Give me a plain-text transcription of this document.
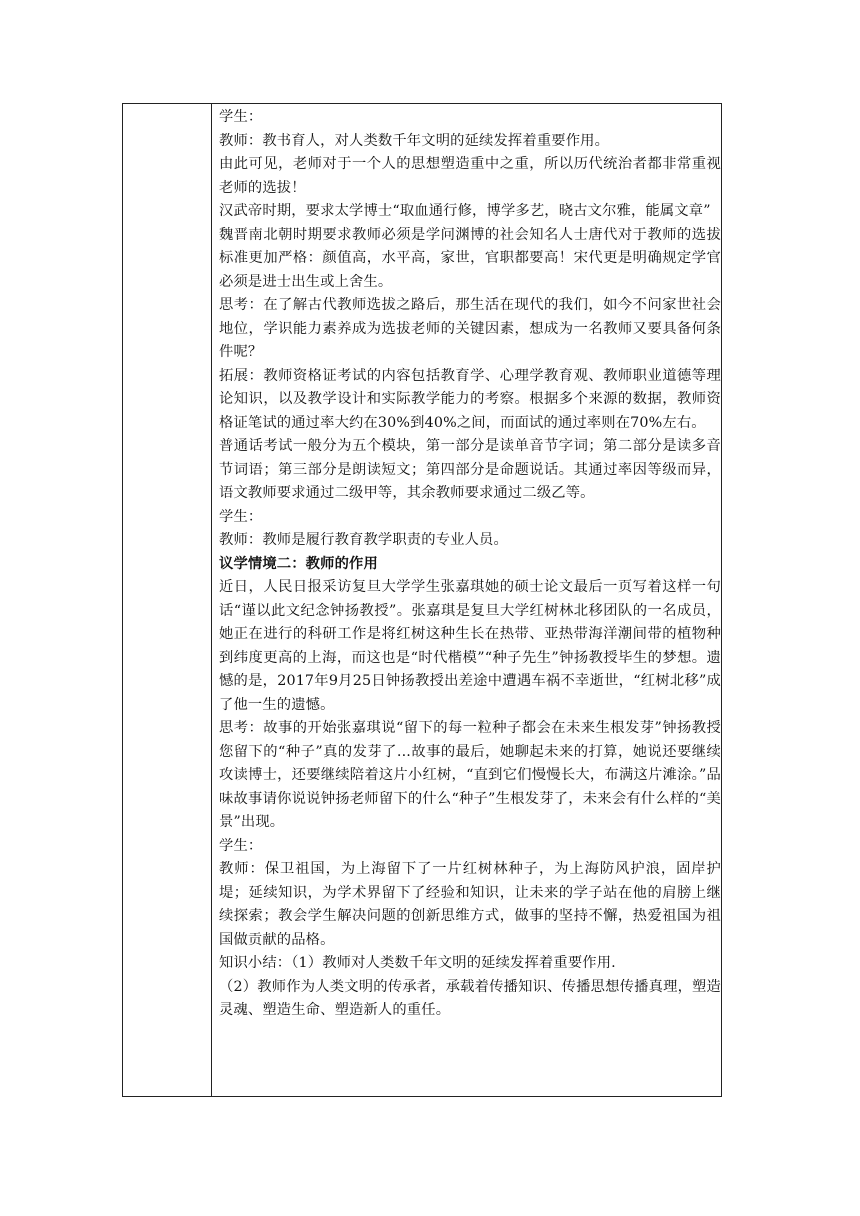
学生：

教师：教书育人，对人类数千年文明的延续发挥着重要作用。

由此可见，老师对于一个人的思想塑造重中之重，所以历代统治者都非常重视老师的选拔！

汉武帝时期，要求太学博士“取血通行修，博学多艺，晓古文尔雅，能属文章”

魏晋南北朝时期要求教师必须是学问渊博的社会知名人士唐代对于教师的选拔标准更加严格：颜值高，水平高，家世，官职都要高！宋代更是明确规定学官必须是进士出生或上舍生。

思考：在了解古代教师选拔之路后，那生活在现代的我们，如今不问家世社会地位，学识能力素养成为选拔老师的关键因素，想成为一名教师又要具备何条件呢？

拓展：教师资格证考试的内容包括教育学、心理学教育观、教师职业道德等理论知识，以及教学设计和实际教学能力的考察。根据多个来源的数据，教师资格证笔试的通过率大约在30%到40%之间，而面试的通过率则在70%左右。

普通话考试一般分为五个模块，第一部分是读单音节字词；第二部分是读多音节词语；第三部分是朗读短文；第四部分是命题说话。其通过率因等级而异，语文教师要求通过二级甲等，其余教师要求通过二级乙等。

学生：

教师：教师是履行教育教学职责的专业人员。

议学情境二：教师的作用

近日，人民日报采访复旦大学学生张嘉琪她的硕士论文最后一页写着这样一句话“谨以此文纪念钟扬教授”。张嘉琪是复旦大学红树林北移团队的一名成员，她正在进行的科研工作是将红树这种生长在热带、亚热带海洋潮间带的植物种到纬度更高的上海，而这也是“时代楷模”“种子先生”钟扬教授毕生的梦想。遗憾的是，2017年9月25日钟扬教授出差途中遭遇车祸不幸逝世，“红树北移”成了他一生的遗憾。

思考：故事的开始张嘉琪说“留下的每一粒种子都会在未来生根发芽”钟扬教授您留下的“种子”真的发芽了...故事的最后，她聊起未来的打算，她说还要继续攻读博士，还要继续陪着这片小红树，“直到它们慢慢长大，布满这片滩涂。”品味故事请你说说钟扬老师留下的什么“种子”生根发芽了，未来会有什么样的“美景”出现。

学生：

教师：保卫祖国，为上海留下了一片红树林种子，为上海防风护浪，固岸护堤；延续知识，为学术界留下了经验和知识，让未来的学子站在他的肩膀上继续探索；教会学生解决问题的创新思维方式，做事的坚持不懈，热爱祖国为祖国做贡献的品格。

知识小结：（1）教师对人类数千年文明的延续发挥着重要作用.

（2）教师作为人类文明的传承者，承载着传播知识、传播思想传播真理，塑造灵魂、塑造生命、塑造新人的重任。
